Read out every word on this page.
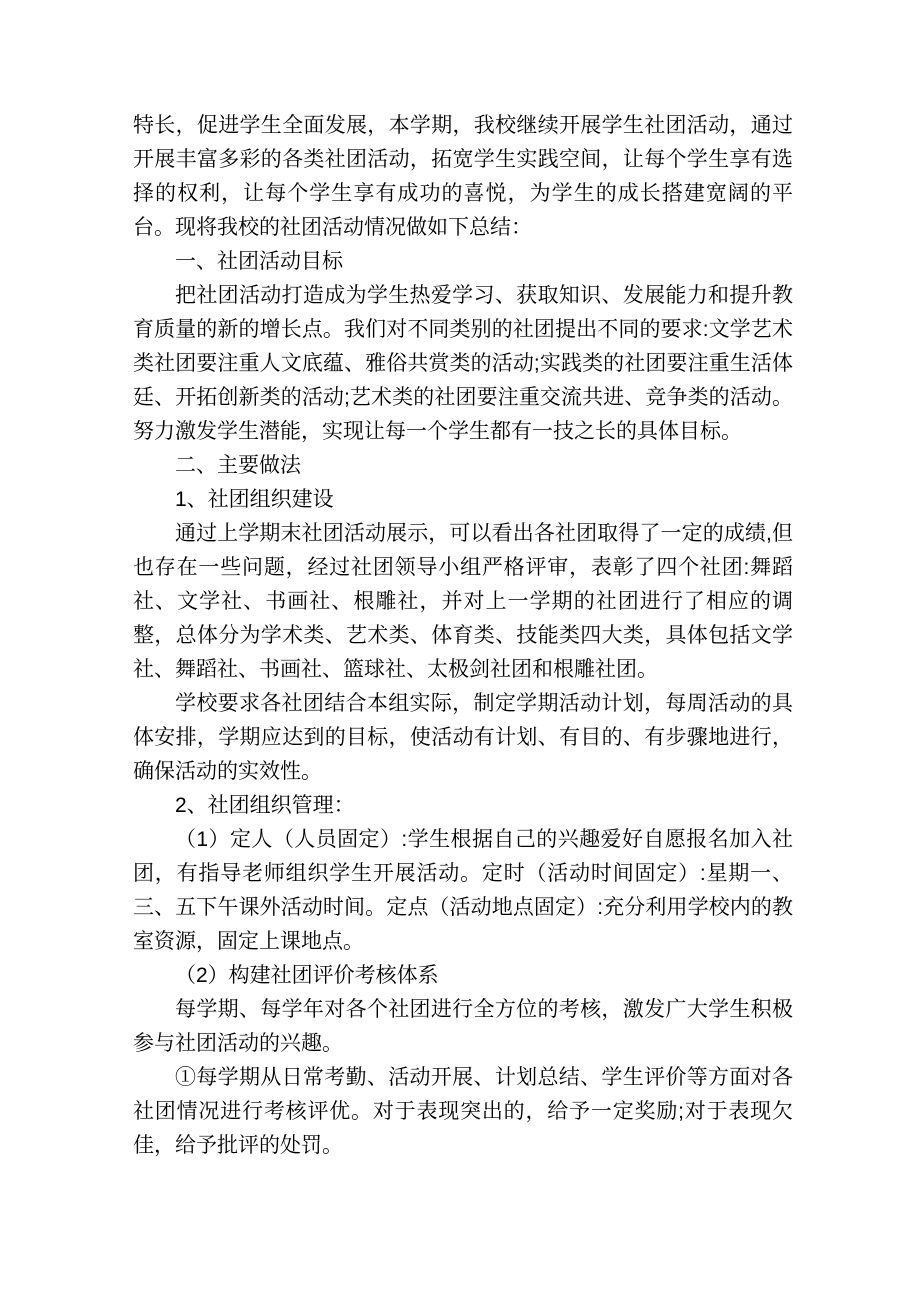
特长，促进学生全面发展，本学期，我校继续开展学生社团活动，通过开展丰富多彩的各类社团活动，拓宽学生实践空间，让每个学生享有选择的权利，让每个学生享有成功的喜悦，为学生的成长搭建宽阔的平台。现将我校的社团活动情况做如下总结：

一、社团活动目标

把社团活动打造成为学生热爱学习、获取知识、发展能力和提升教育质量的新的增长点。我们对不同类别的社团提出不同的要求:文学艺术类社团要注重人文底蕴、雅俗共赏类的活动;实践类的社团要注重生活体廷、开拓创新类的活动;艺术类的社团要注重交流共进、竞争类的活动。努力激发学生潜能，实现让每一个学生都有一技之长的具体目标。

二、主要做法

1、社团组织建设

通过上学期末社团活动展示，可以看出各社团取得了一定的成绩,但也存在一些问题，经过社团领导小组严格评审，表彰了四个社团:舞蹈社、文学社、书画社、根雕社，并对上一学期的社团进行了相应的调整，总体分为学术类、艺术类、体育类、技能类四大类，具体包括文学社、舞蹈社、书画社、篮球社、太极剑社团和根雕社团。

学校要求各社团结合本组实际，制定学期活动计划，每周活动的具体安排，学期应达到的目标，使活动有计划、有目的、有步骤地进行，确保活动的实效性。

2、社团组织管理：

（1）定人（人员固定）:学生根据自己的兴趣爱好自愿报名加入社团，有指导老师组织学生开展活动。定时（活动时间固定）:星期一、三、五下午课外活动时间。定点（活动地点固定）:充分利用学校内的教室资源，固定上课地点。

（2）构建社团评价考核体系

每学期、每学年对各个社团进行全方位的考核，激发广大学生积极参与社团活动的兴趣。

①每学期从日常考勤、活动开展、计划总结、学生评价等方面对各社团情况进行考核评优。对于表现突出的，给予一定奖励;对于表现欠佳，给予批评的处罚。
